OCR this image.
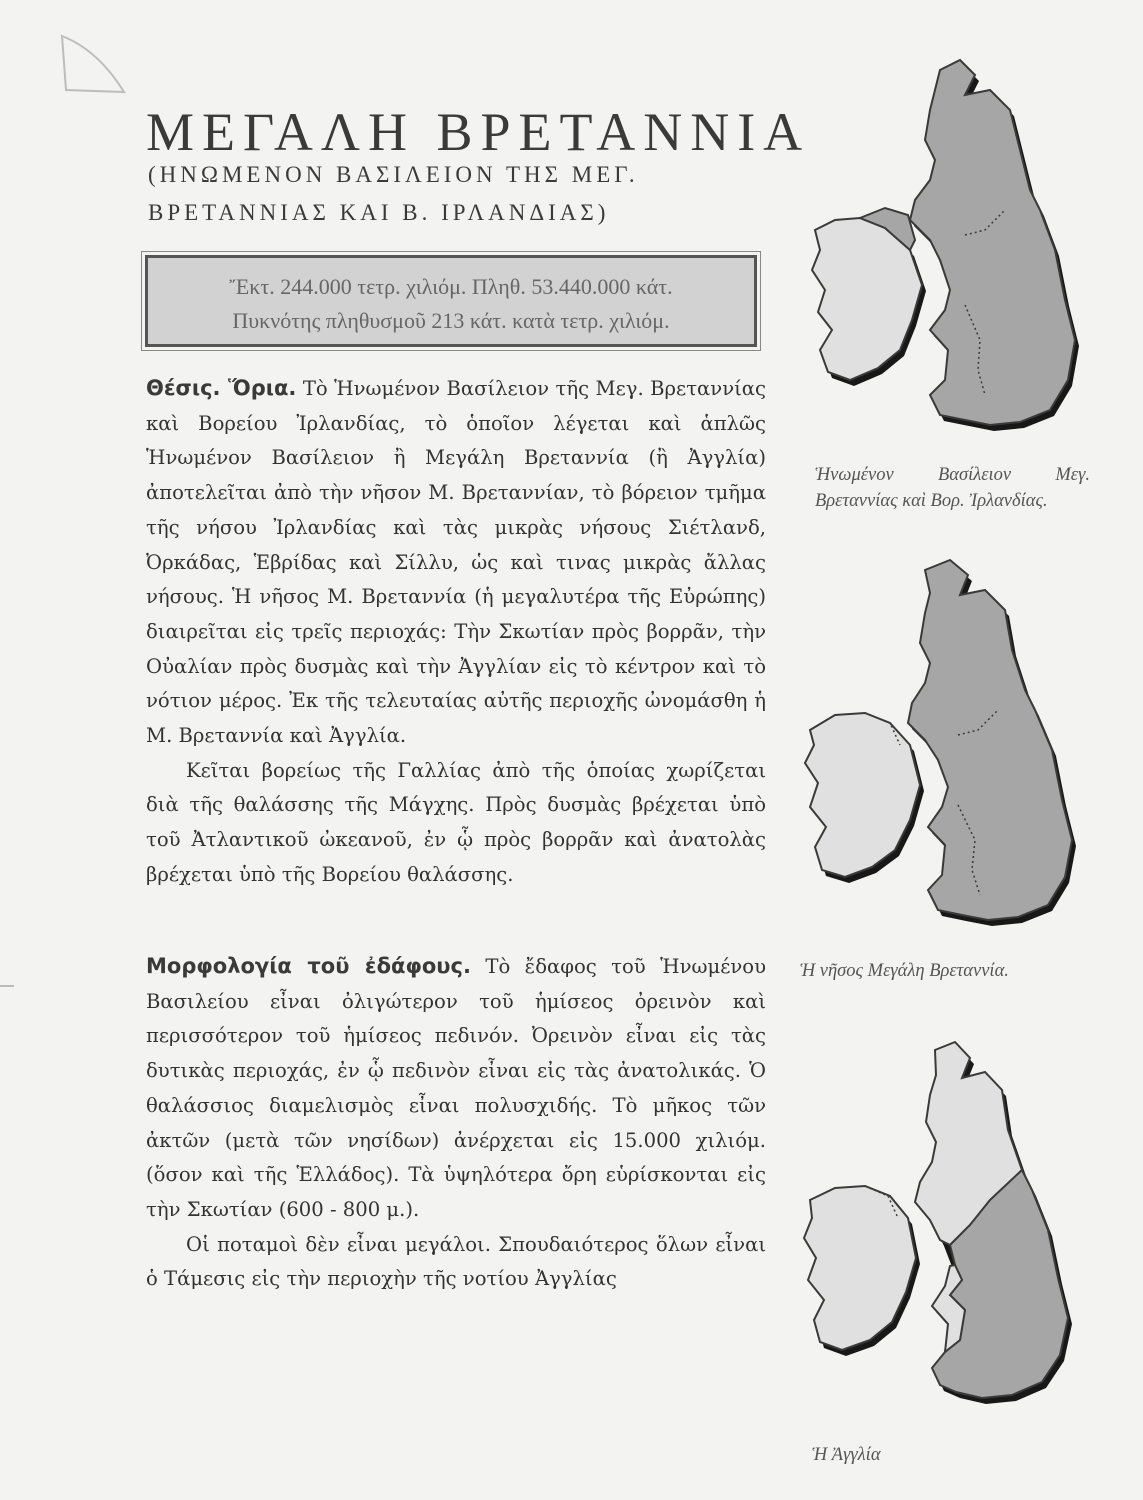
ΜΕΓΑΛΗ ΒΡΕΤΑΝΝΙΑ
(ΗΝΩΜΕΝΟΝ ΒΑΣΙΛΕΙΟΝ ΤΗΣ ΜΕΓ.
ΒΡΕΤΑΝΝΙΑΣ ΚΑΙ Β. ΙΡΛΑΝΔΙΑΣ)
Ἔκτ. 244.000 τετρ. χιλιόμ. Πληθ. 53.440.000 κάτ.
Πυκνότης πληθυσμοῦ 213 κάτ. κατὰ τετρ. χιλιόμ.

Θέσις. Ὅρια. Τὸ Ἡνωμένον Βασίλειον τῆς Μεγ. Βρεταννίας καὶ Βορείου Ἰρλανδίας, τὸ ὁποῖον λέγεται καὶ ἁπλῶς Ἡνωμένον Βασίλειον ἢ Μεγάλη Βρεταννία (ἢ Ἀγγλία) ἀποτελεῖται ἀπὸ τὴν νῆσον Μ. Βρεταννίαν, τὸ βόρειον τμῆμα τῆς νήσου Ἰρλανδίας καὶ τὰς μικρὰς νήσους Σιέτλανδ, Ὀρκάδας, Ἑβρίδας καὶ Σίλλυ, ὡς καὶ τινας μικρὰς ἄλλας νήσους. Ἡ νῆσος Μ. Βρεταννία (ἡ μεγαλυτέρα τῆς Εὐρώπης) διαιρεῖται εἰς τρεῖς περιοχάς: Τὴν Σκωτίαν πρὸς βορρᾶν, τὴν Οὐαλίαν πρὸς δυσμὰς καὶ τὴν Ἀγγλίαν εἰς τὸ κέντρον καὶ τὸ νότιον μέρος. Ἐκ τῆς τελευταίας αὐτῆς περιοχῆς ὠνομάσθη ἡ Μ. Βρεταννία καὶ Ἀγγλία.

Κεῖται βορείως τῆς Γαλλίας ἀπὸ τῆς ὁποίας χωρίζεται διὰ τῆς θαλάσσης τῆς Μάγχης. Πρὸς δυσμὰς βρέχεται ὑπὸ τοῦ Ἀτλαντικοῦ ὠκεανοῦ, ἐν ᾧ πρὸς βορρᾶν καὶ ἀνατολὰς βρέχεται ὑπὸ τῆς Βορείου θαλάσσης.

Μορφολογία τοῦ ἐδάφους. Τὸ ἔδαφος τοῦ Ἡνωμένου Βασιλείου εἶναι ὀλιγώτερον τοῦ ἡμίσεος ὀρεινὸν καὶ περισσότερον τοῦ ἡμίσεος πεδινόν. Ὀρεινὸν εἶναι εἰς τὰς δυτικὰς περιοχάς, ἐν ᾧ πεδινὸν εἶναι εἰς τὰς ἀνατολικάς. Ὁ θαλάσσιος διαμελισμὸς εἶναι πολυσχιδής. Τὸ μῆκος τῶν ἀκτῶν (μετὰ τῶν νησίδων) ἀνέρχεται εἰς 15.000 χιλιόμ. (ὅσον καὶ τῆς Ἑλλάδος). Τὰ ὑψηλότερα ὄρη εὑρίσκονται εἰς τὴν Σκωτίαν (600 - 800 μ.).

Οἱ ποταμοὶ δὲν εἶναι μεγάλοι. Σπουδαιότερος ὅλων εἶναι ὁ Τάμεσις εἰς τὴν περιοχὴν τῆς νοτίου Ἀγγλίας

Ἡνωμένον Βασίλειον Μεγ. Βρεταννίας καὶ Βορ. Ἰρλανδίας.
Ἡ νῆσος Μεγάλη Βρεταννία.
Ἡ Ἀγγλία
